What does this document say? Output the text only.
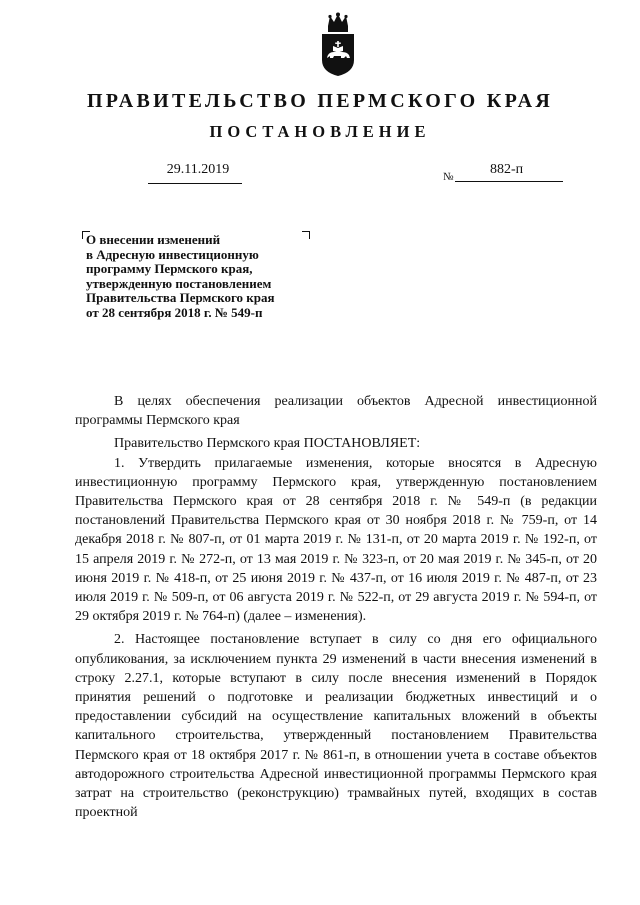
ПРАВИТЕЛЬСТВО ПЕРМСКОГО КРАЯ
ПОСТАНОВЛЕНИЕ
29.11.2019	№	882-п
О внесении изменений
в Адресную инвестиционную
программу Пермского края,
утвержденную постановлением
Правительства Пермского края
от 28 сентября 2018 г. № 549-п

В целях обеспечения реализации объектов Адресной инвестиционной программы Пермского края

Правительство Пермского края ПОСТАНОВЛЯЕТ:

1. Утвердить прилагаемые изменения, которые вносятся в Адресную инвестиционную программу Пермского края, утвержденную постановлением Правительства Пермского края от 28 сентября 2018 г. № 549-п (в редакции постановлений Правительства Пермского края от 30 ноября 2018 г. № 759-п, от 14 декабря 2018 г. № 807-п, от 01 марта 2019 г. № 131-п, от 20 марта 2019 г. № 192-п, от 15 апреля 2019 г. № 272-п, от 13 мая 2019 г. № 323-п, от 20 мая 2019 г. № 345-п, от 20 июня 2019 г. № 418-п, от 25 июня 2019 г. № 437-п, от 16 июля 2019 г. № 487-п, от 23 июля 2019 г. № 509-п, от 06 августа 2019 г. № 522-п, от 29 августа 2019 г. № 594-п, от 29 октября 2019 г. № 764-п) (далее – изменения).

2. Настоящее постановление вступает в силу со дня его официального опубликования, за исключением пункта 29 изменений в части внесения изменений в строку 2.27.1, которые вступают в силу после внесения изменений в Порядок принятия решений о подготовке и реализации бюджетных инвестиций и о предоставлении субсидий на осуществление капитальных вложений в объекты капитального строительства, утвержденный постановлением Правительства Пермского края от 18 октября 2017 г. № 861-п, в отношении учета в составе объектов автодорожного строительства Адресной инвестиционной программы Пермского края затрат на строительство (реконструкцию) трамвайных путей, входящих в состав проектной
